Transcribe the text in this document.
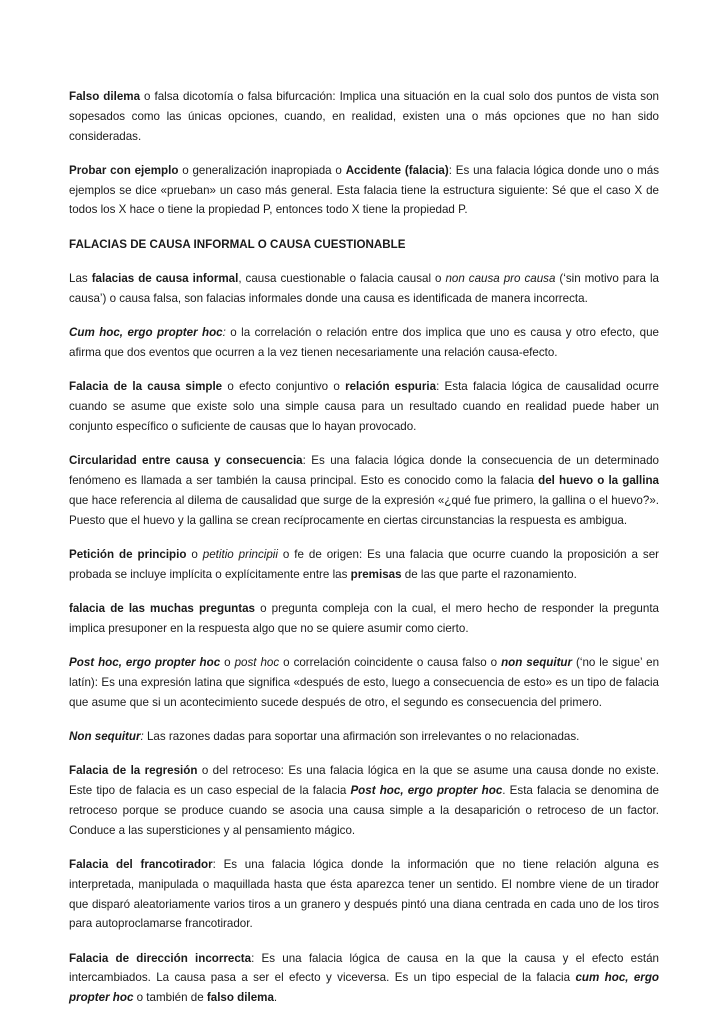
Falso dilema o falsa dicotomía o falsa bifurcación: Implica una situación en la cual solo dos puntos de vista son sopesados como las únicas opciones, cuando, en realidad, existen una o más opciones que no han sido consideradas.

Probar con ejemplo o generalización inapropiada o Accidente (falacia): Es una falacia lógica donde uno o más ejemplos se dice «prueban» un caso más general. Esta falacia tiene la estructura siguiente: Sé que el caso X de todos los X hace o tiene la propiedad P, entonces todo X tiene la propiedad P.

FALACIAS DE CAUSA INFORMAL O CAUSA CUESTIONABLE

Las falacias de causa informal, causa cuestionable o falacia causal o non causa pro causa (‘sin motivo para la causa’) o causa falsa, son falacias informales donde una causa es identificada de manera incorrecta.

Cum hoc, ergo propter hoc: o la correlación o relación entre dos implica que uno es causa y otro efecto, que afirma que dos eventos que ocurren a la vez tienen necesariamente una relación causa-efecto.

Falacia de la causa simple o efecto conjuntivo o relación espuria: Esta falacia lógica de causalidad ocurre cuando se asume que existe solo una simple causa para un resultado cuando en realidad puede haber un conjunto específico o suficiente de causas que lo hayan provocado.

Circularidad entre causa y consecuencia: Es una falacia lógica donde la consecuencia de un determinado fenómeno es llamada a ser también la causa principal. Esto es conocido como la falacia del huevo o la gallina que hace referencia al dilema de causalidad que surge de la expresión «¿qué fue primero, la gallina o el huevo?». Puesto que el huevo y la gallina se crean recíprocamente en ciertas circunstancias la respuesta es ambigua.

Petición de principio o petitio principii o fe de origen: Es una falacia que ocurre cuando la proposición a ser probada se incluye implícita o explícitamente entre las premisas de las que parte el razonamiento.

falacia de las muchas preguntas o pregunta compleja con la cual, el mero hecho de responder la pregunta implica presuponer en la respuesta algo que no se quiere asumir como cierto.

Post hoc, ergo propter hoc o post hoc o correlación coincidente o causa falso o non sequitur (‘no le sigue’ en latín): Es una expresión latina que significa «después de esto, luego a consecuencia de esto» es un tipo de falacia que asume que si un acontecimiento sucede después de otro, el segundo es consecuencia del primero.

Non sequitur: Las razones dadas para soportar una afirmación son irrelevantes o no relacionadas.

Falacia de la regresión o del retroceso: Es una falacia lógica en la que se asume una causa donde no existe. Este tipo de falacia es un caso especial de la falacia Post hoc, ergo propter hoc. Esta falacia se denomina de retroceso porque se produce cuando se asocia una causa simple a la desaparición o retroceso de un factor. Conduce a las supersticiones y al pensamiento mágico.

Falacia del francotirador: Es una falacia lógica donde la información que no tiene relación alguna es interpretada, manipulada o maquillada hasta que ésta aparezca tener un sentido. El nombre viene de un tirador que disparó aleatoriamente varios tiros a un granero y después pintó una diana centrada en cada uno de los tiros para autoproclamarse francotirador.

Falacia de dirección incorrecta: Es una falacia lógica de causa en la que la causa y el efecto están intercambiados. La causa pasa a ser el efecto y viceversa. Es un tipo especial de la falacia cum hoc, ergo propter hoc o también de falso dilema.
